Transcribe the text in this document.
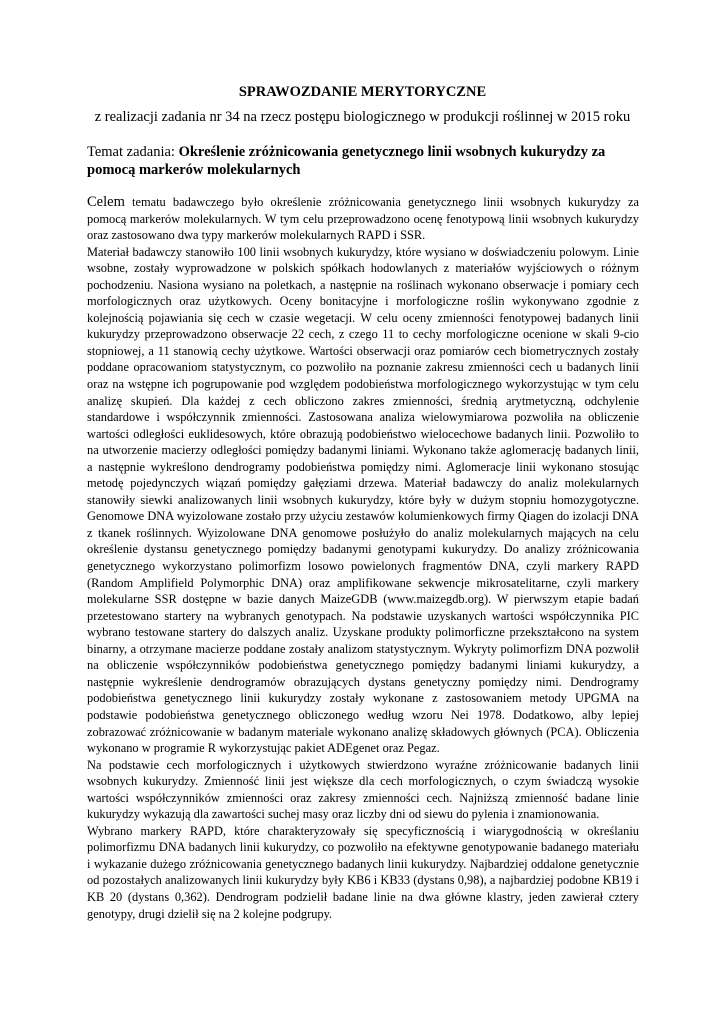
SPRAWOZDANIE MERYTORYCZNE
z realizacji zadania nr 34 na rzecz postępu biologicznego w produkcji roślinnej w 2015 roku
Temat zadania: Określenie zróżnicowania genetycznego linii wsobnych kukurydzy za pomocą markerów molekularnych

Celem tematu badawczego było określenie zróżnicowania genetycznego linii wsobnych kukurydzy za pomocą markerów molekularnych. W tym celu przeprowadzono ocenę fenotypową linii wsobnych kukurydzy oraz zastosowano dwa typy markerów molekularnych RAPD i SSR.

Materiał badawczy stanowiło 100 linii wsobnych kukurydzy, które wysiano w doświadczeniu polowym. Linie wsobne, zostały wyprowadzone w polskich spółkach hodowlanych z materiałów wyjściowych o różnym pochodzeniu. Nasiona wysiano na poletkach, a następnie na roślinach wykonano obserwacje i pomiary cech morfologicznych oraz użytkowych. Oceny bonitacyjne i morfologiczne roślin wykonywano zgodnie z kolejnością pojawiania się cech w czasie wegetacji. W celu oceny zmienności fenotypowej badanych linii kukurydzy przeprowadzono obserwacje 22 cech, z czego 11 to cechy morfologiczne ocenione w skali 9-cio stopniowej, a 11 stanowią cechy użytkowe. Wartości obserwacji oraz pomiarów cech biometrycznych zostały poddane opracowaniom statystycznym, co pozwoliło na poznanie zakresu zmienności cech u badanych linii oraz na wstępne ich pogrupowanie pod względem podobieństwa morfologicznego wykorzystując w tym celu analizę skupień. Dla każdej z cech obliczono zakres zmienności, średnią arytmetyczną, odchylenie standardowe i współczynnik zmienności. Zastosowana analiza wielowymiarowa pozwoliła na obliczenie wartości odległości euklidesowych, które obrazują podobieństwo wielocechowe badanych linii. Pozwoliło to na utworzenie macierzy odległości pomiędzy badanymi liniami. Wykonano także aglomerację badanych linii, a następnie wykreślono dendrogramy podobieństwa pomiędzy nimi. Aglomeracje linii wykonano stosując metodę pojedynczych wiązań pomiędzy gałęziami drzewa. Materiał badawczy do analiz molekularnych stanowiły siewki analizowanych linii wsobnych kukurydzy, które były w dużym stopniu homozygotyczne. Genomowe DNA wyizolowane zostało przy użyciu zestawów kolumienkowych firmy Qiagen do izolacji DNA z tkanek roślinnych. Wyizolowane DNA genomowe posłużyło do analiz molekularnych mających na celu określenie dystansu genetycznego pomiędzy badanymi genotypami kukurydzy. Do analizy zróżnicowania genetycznego wykorzystano polimorfizm losowo powielonych fragmentów DNA, czyli markery RAPD (Random Amplifield Polymorphic DNA) oraz amplifikowane sekwencje mikrosatelitarne, czyli markery molekularne SSR dostępne w bazie danych MaizeGDB (www.maizegdb.org). W pierwszym etapie badań przetestowano startery na wybranych genotypach. Na podstawie uzyskanych wartości współczynnika PIC wybrano testowane startery do dalszych analiz. Uzyskane produkty polimorficzne przekształcono na system binarny, a otrzymane macierze poddane zostały analizom statystycznym. Wykryty polimorfizm DNA pozwolił na obliczenie współczynników podobieństwa genetycznego pomiędzy badanymi liniami kukurydzy, a następnie wykreślenie dendrogramów obrazujących dystans genetyczny pomiędzy nimi. Dendrogramy podobieństwa genetycznego linii kukurydzy zostały wykonane z zastosowaniem metody UPGMA na podstawie podobieństwa genetycznego obliczonego według wzoru Nei 1978. Dodatkowo, alby lepiej zobrazować zróżnicowanie w badanym materiale wykonano analizę składowych głównych (PCA). Obliczenia wykonano w programie R wykorzystując pakiet ADEgenet oraz Pegaz.

Na podstawie cech morfologicznych i użytkowych stwierdzono wyraźne zróżnicowanie badanych linii wsobnych kukurydzy. Zmienność linii jest większe dla cech morfologicznych, o czym świadczą wysokie wartości współczynników zmienności oraz zakresy zmienności cech. Najniższą zmienność badane linie kukurydzy wykazują dla zawartości suchej masy oraz liczby dni od siewu do pylenia i znamionowania.

Wybrano markery RAPD, które charakteryzowały się specyficznością i wiarygodnością w określaniu polimorfizmu DNA badanych linii kukurydzy, co pozwoliło na efektywne genotypowanie badanego materiału i wykazanie dużego zróżnicowania genetycznego badanych linii kukurydzy. Najbardziej oddalone genetycznie od pozostałych analizowanych linii kukurydzy były KB6 i KB33 (dystans 0,98), a najbardziej podobne KB19 i KB 20 (dystans 0,362). Dendrogram podzielił badane linie na dwa główne klastry, jeden zawierał cztery genotypy, drugi dzielił się na 2 kolejne podgrupy.
